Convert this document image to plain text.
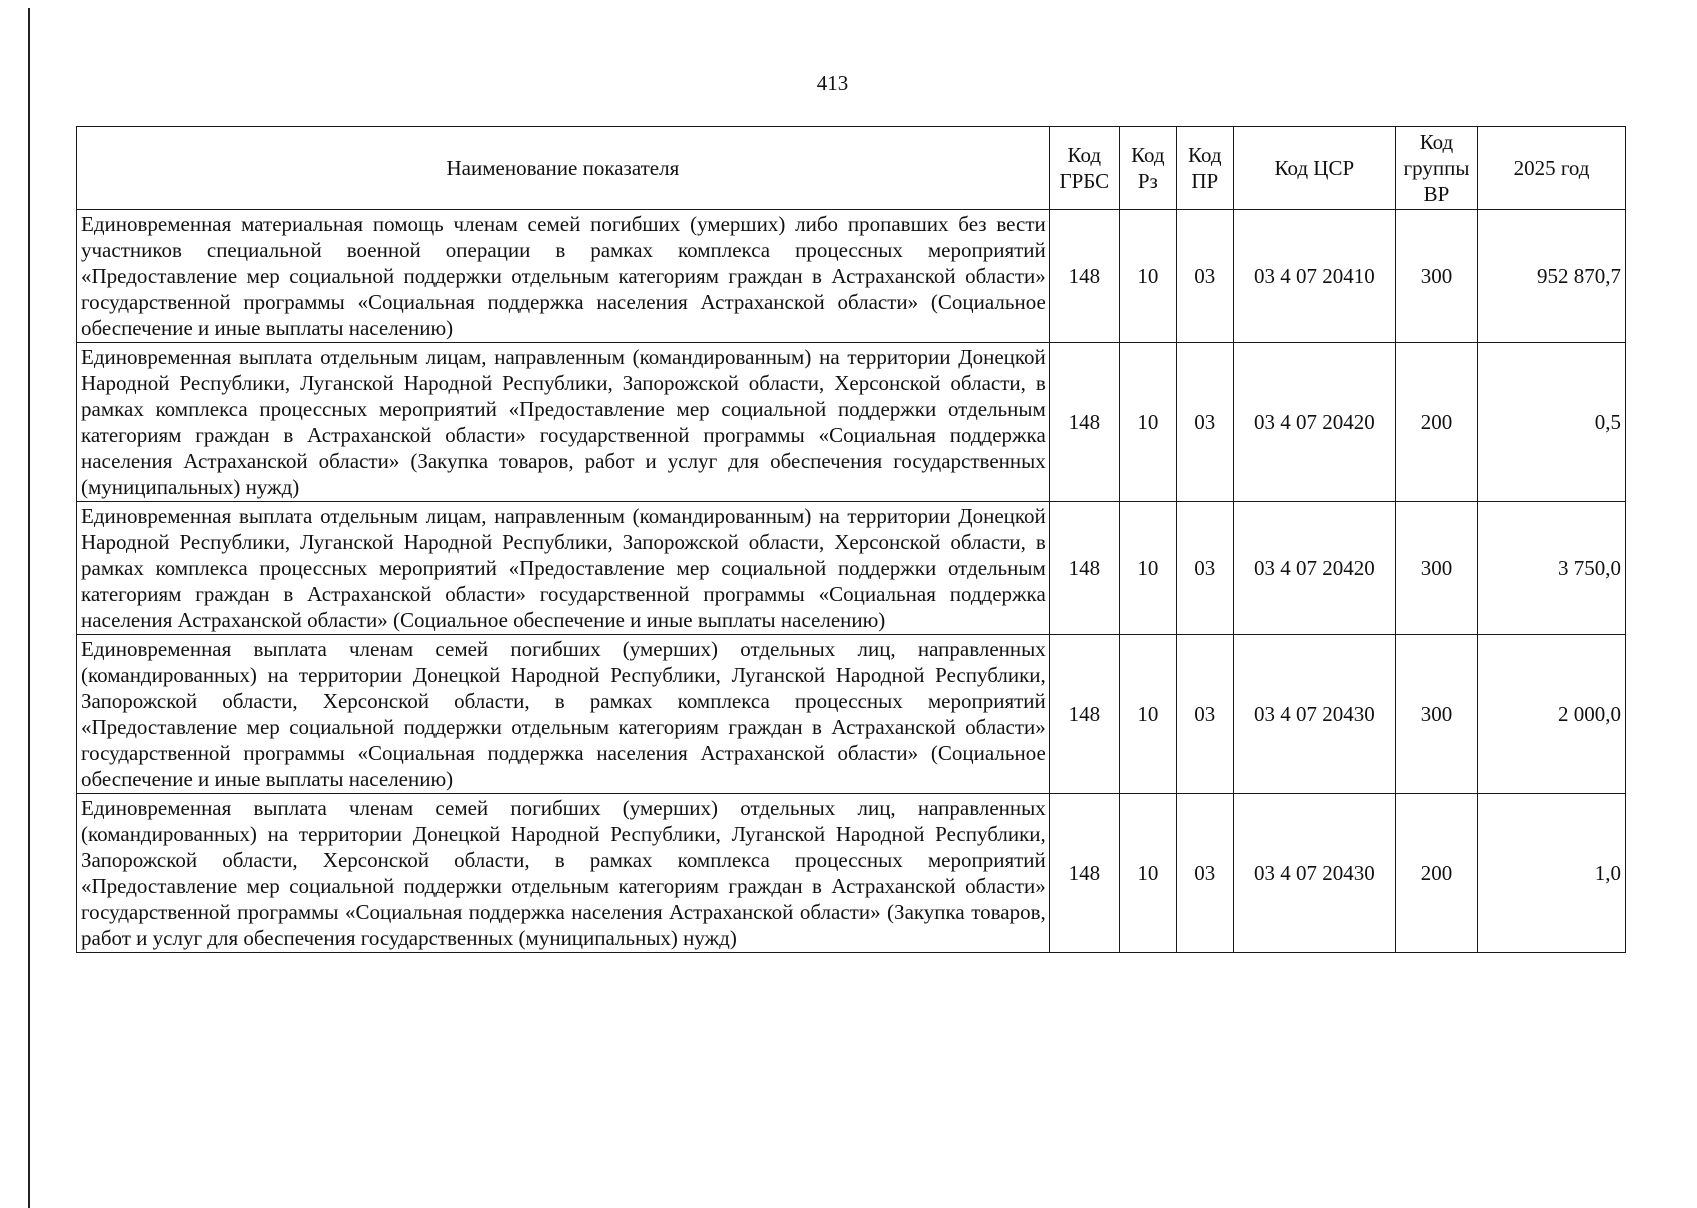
413
Наименование показателя	Код ГРБС	Код Рз	Код ПР	Код ЦСР	Код группы ВР	2025 год
Единовременная материальная помощь членам семей погибших (умерших) либо пропавших без вести участников специальной военной операции в рамках комплекса процессных мероприятий «Предоставление мер социальной поддержки отдельным категориям граждан в Астраханской области» государственной программы «Социальная поддержка населения Астраханской области» (Социальное обеспечение и иные выплаты населению)	148	10	03	03 4 07 20410	300	952 870,7
Единовременная выплата отдельным лицам, направленным (командированным) на территории Донецкой Народной Республики, Луганской Народной Республики, Запорожской области, Херсонской области, в рамках комплекса процессных мероприятий «Предоставление мер социальной поддержки отдельным категориям граждан в Астраханской области» государственной программы «Социальная поддержка населения Астраханской области» (Закупка товаров, работ и услуг для обеспечения государственных (муниципальных) нужд)	148	10	03	03 4 07 20420	200	0,5
Единовременная выплата отдельным лицам, направленным (командированным) на территории Донецкой Народной Республики, Луганской Народной Республики, Запорожской области, Херсонской области, в рамках комплекса процессных мероприятий «Предоставление мер социальной поддержки отдельным категориям граждан в Астраханской области» государственной программы «Социальная поддержка населения Астраханской области» (Социальное обеспечение и иные выплаты населению)	148	10	03	03 4 07 20420	300	3 750,0
Единовременная выплата членам семей погибших (умерших) отдельных лиц, направленных (командированных) на территории Донецкой Народной Республики, Луганской Народной Республики, Запорожской области, Херсонской области, в рамках комплекса процессных мероприятий «Предоставление мер социальной поддержки отдельным категориям граждан в Астраханской области» государственной программы «Социальная поддержка населения Астраханской области» (Социальное обеспечение и иные выплаты населению)	148	10	03	03 4 07 20430	300	2 000,0
Единовременная выплата членам семей погибших (умерших) отдельных лиц, направленных (командированных) на территории Донецкой Народной Республики, Луганской Народной Республики, Запорожской области, Херсонской области, в рамках комплекса процессных мероприятий «Предоставление мер социальной поддержки отдельным категориям граждан в Астраханской области» государственной программы «Социальная поддержка населения Астраханской области» (Закупка товаров, работ и услуг для обеспечения государственных (муниципальных) нужд)	148	10	03	03 4 07 20430	200	1,0
